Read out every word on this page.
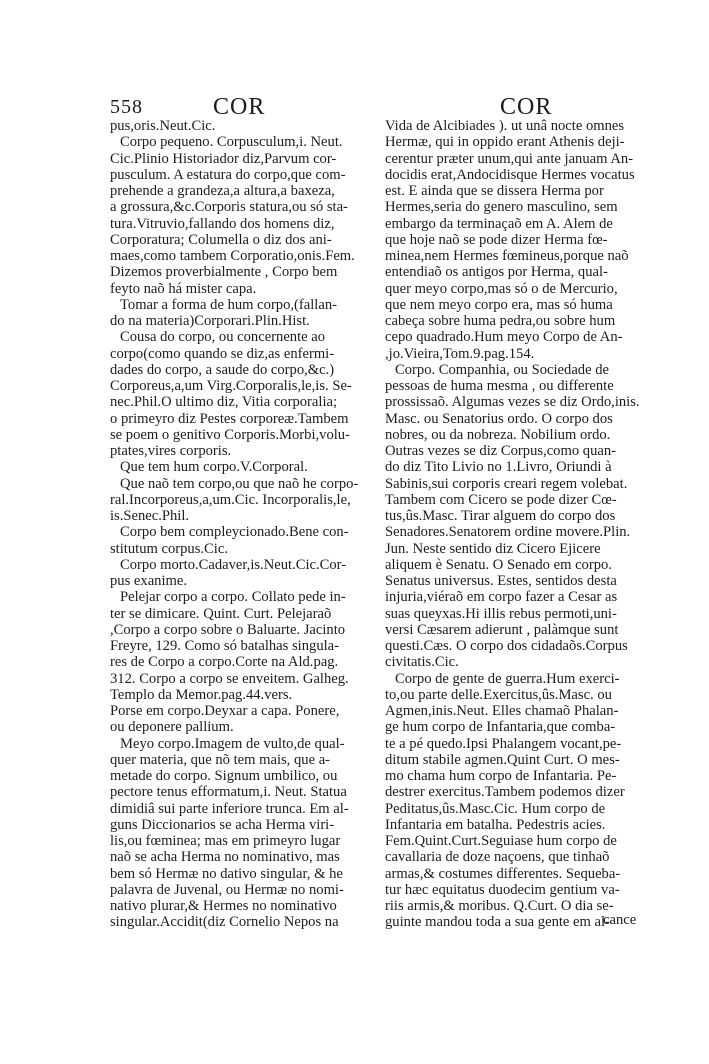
558	COR	COR
pus,oris.Neut.Cic.
Corpo pequeno. Corpusculum,i. Neut.
Cic.Plinio Historiador diz,Parvum cor-
pusculum. A estatura do corpo,que com-
prehende a grandeza,a altura,a baxeza,
a grossura,&c.Corporis statura,ou só sta-
tura.Vitruvio,fallando dos homens diz,
Corporatura; Columella o diz dos ani-
maes,como tambem Corporatio,onis.Fem.
Dizemos proverbialmente , Corpo bem
feyto naõ há mister capa.
Tomar a forma de hum corpo,(fallan-
do na materia)Corporari.Plin.Hist.
Cousa do corpo, ou concernente ao
corpo(como quando se diz,as enfermi-
dades do corpo, a saude do corpo,&c.)
Corporeus,a,um Virg.Corporalis,le,is. Se-
nec.Phil.O ultimo diz, Vitia corporalia;
o primeyro diz Pestes corporeæ.Tambem
se poem o genitivo Corporis.Morbi,volu-
ptates,vires corporis.
Que tem hum corpo.V.Corporal.
Que naõ tem corpo,ou que naõ he corpo-
ral.Incorporeus,a,um.Cic. Incorporalis,le,
is.Senec.Phil.
Corpo bem compleycionado.Bene con-
stitutum corpus.Cic.
Corpo morto.Cadaver,is.Neut.Cic.Cor-
pus exanime.
Pelejar corpo a corpo. Collato pede in-
ter se dimicare. Quint. Curt. Pelejaraõ
,Corpo a corpo sobre o Baluarte. Jacinto
Freyre, 129. Como só batalhas singula-
res de Corpo a corpo.Corte na Ald.pag.
312. Corpo a corpo se enveitem. Galheg.
Templo da Memor.pag.44.vers.
Porse em corpo.Deyxar a capa. Ponere,
ou deponere pallium.
Meyo corpo.Imagem de vulto,de qual-
quer materia, que nõ tem mais, que a-
metade do corpo. Signum umbilico, ou
pectore tenus efformatum,i. Neut. Statua
dimidiâ sui parte inferiore trunca. Em al-
guns Diccionarios se acha Herma viri-
lis,ou fœminea; mas em primeyro lugar
naõ se acha Herma no nominativo, mas
bem só Hermæ no dativo singular, & he
palavra de Juvenal, ou Hermæ no nomi-
nativo plurar,& Hermes no nominativo
singular.Accidit(diz Cornelio Nepos na
Vida de Alcibiades ). ut unâ nocte omnes
Hermæ, qui in oppido erant Athenis deji-
cerentur præter unum,qui ante januam An-
docidis erat,Andocidisque Hermes vocatus
est. E ainda que se dissera Herma por
Hermes,seria do genero masculino, sem
embargo da terminaçaõ em A. Alem de
que hoje naõ se pode dizer Herma fœ-
minea,nem Hermes fœmineus,porque naõ
entendiaõ os antigos por Herma, qual-
quer meyo corpo,mas só o de Mercurio,
que nem meyo corpo era, mas só huma
cabeça sobre huma pedra,ou sobre hum
cepo quadrado.Hum meyo Corpo de An-
,jo.Vieira,Tom.9.pag.154.
Corpo. Companhia, ou Sociedade de
pessoas de huma mesma , ou differente
prossissaõ. Algumas vezes se diz Ordo,inis.
Masc. ou Senatorius ordo. O corpo dos
nobres, ou da nobreza. Nobilium ordo.
Outras vezes se diz Corpus,como quan-
do diz Tito Livio no 1.Livro, Oriundi à
Sabinis,sui corporis creari regem volebat.
Tambem com Cicero se pode dizer Cœ-
tus,ûs.Masc. Tirar alguem do corpo dos
Senadores.Senatorem ordine movere.Plin.
Jun. Neste sentido diz Cicero Ejicere
aliquem è Senatu. O Senado em corpo.
Senatus universus. Estes, sentidos desta
injuria,viéraõ em corpo fazer a Cesar as
suas queyxas.Hi illis rebus permoti,uni-
versi Cæsarem adierunt , palàmque sunt
questi.Cæs. O corpo dos cidadaõs.Corpus
civitatis.Cic.
Corpo de gente de guerra.Hum exerci-
to,ou parte delle.Exercitus,ûs.Masc. ou
Agmen,inis.Neut. Elles chamaõ Phalan-
ge hum corpo de Infantaria,que comba-
te a pé quedo.Ipsi Phalangem vocant,pe-
ditum stabile agmen.Quint Curt. O mes-
mo chama hum corpo de Infantaria. Pe-
destrer exercitus.Tambem podemos dizer
Peditatus,ûs.Masc.Cic. Hum corpo de
Infantaria em batalha. Pedestris acies.
Fem.Quint.Curt.Seguiase hum corpo de
cavallaria de doze naçoens, que tinhaõ
armas,& costumes differentes. Sequeba-
tur hæc equitatus duodecim gentium va-
riis armis,& moribus. Q.Curt. O dia se-
guinte mandou toda a sua gente em al-
cance
